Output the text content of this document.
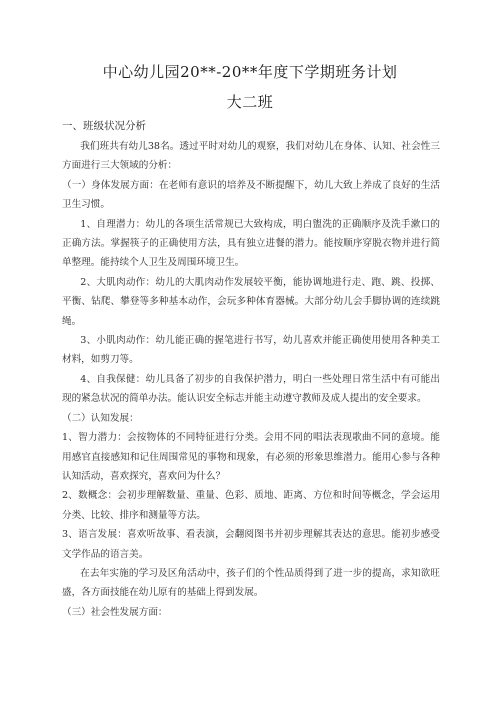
中心幼儿园20**-20**年度下学期班务计划
大二班
一、班级状况分析

我们班共有幼儿38名。透过平时对幼儿的观察，我们对幼儿在身体、认知、社会性三方面进行三大领域的分析：

（一）身体发展方面：在老师有意识的培养及不断提醒下，幼儿大致上养成了良好的生活卫生习惯。

1、自理潜力：幼儿的各项生活常规已大致构成，明白盥洗的正确顺序及洗手漱口的正确方法。掌握筷子的正确使用方法，具有独立进餐的潜力。能按顺序穿脱衣物并进行简单整理。能持续个人卫生及周围环境卫生。

2、大肌肉动作：幼儿的大肌肉动作发展较平衡，能协调地进行走、跑、跳、投掷、平衡、钻爬、攀登等多种基本动作，会玩多种体育器械。大部分幼儿会手脚协调的连续跳绳。

3、小肌肉动作：幼儿能正确的握笔进行书写，幼儿喜欢并能正确使用使用各种美工材料，如剪刀等。

4、自我保健：幼儿具备了初步的自我保护潜力，明白一些处理日常生活中有可能出现的紧急状况的简单办法。能认识安全标志并能主动遵守教师及成人提出的安全要求。

（二）认知发展：

1、智力潜力：会按物体的不同特征进行分类。会用不同的唱法表现歌曲不同的意境。能用感官直接感知和记住周围常见的事物和现象，有必须的形象思维潜力。能用心参与各种认知活动，喜欢探究，喜欢问为什么？

2、数概念：会初步理解数量、重量、色彩、质地、距离、方位和时间等概念，学会运用分类、比较、排序和测量等方法。

3、语言发展：喜欢听故事、看表演，会翻阅图书并初步理解其表达的意思。能初步感受文学作品的语言美。

在去年实施的学习及区角活动中，孩子们的个性品质得到了进一步的提高，求知欲旺盛，各方面技能在幼儿原有的基础上得到发展。

（三）社会性发展方面：
